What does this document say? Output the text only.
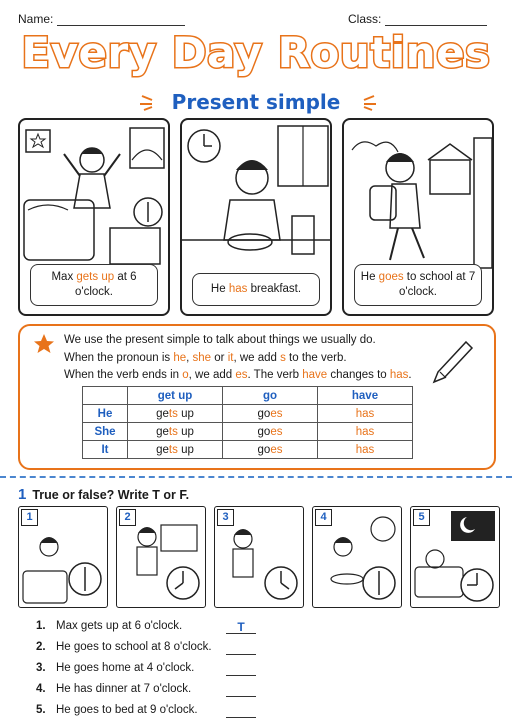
Name:	Class:
Every Day Routines
Present simple
Max gets up at 6 o'clock.	He has breakfast.
He goes to school at 7 o'clock.
We use the present simple to talk about things we usually do.
When the pronoun is he, she or it, we add s to the verb.
When the verb ends in o, we add es. The verb have changes to has.
	get up	go	have
He	gets up	goes	has
She	gets up	goes	has
It	gets up	goes	has
1 True or false? Write T or F.
1	2	3	4	5
1. Max gets up at 6 o'clock.	T
2. He goes to school at 8 o'clock.
3. He goes home at 4 o'clock.
4. He has dinner at 7 o'clock.
5. He goes to bed at 9 o'clock.
